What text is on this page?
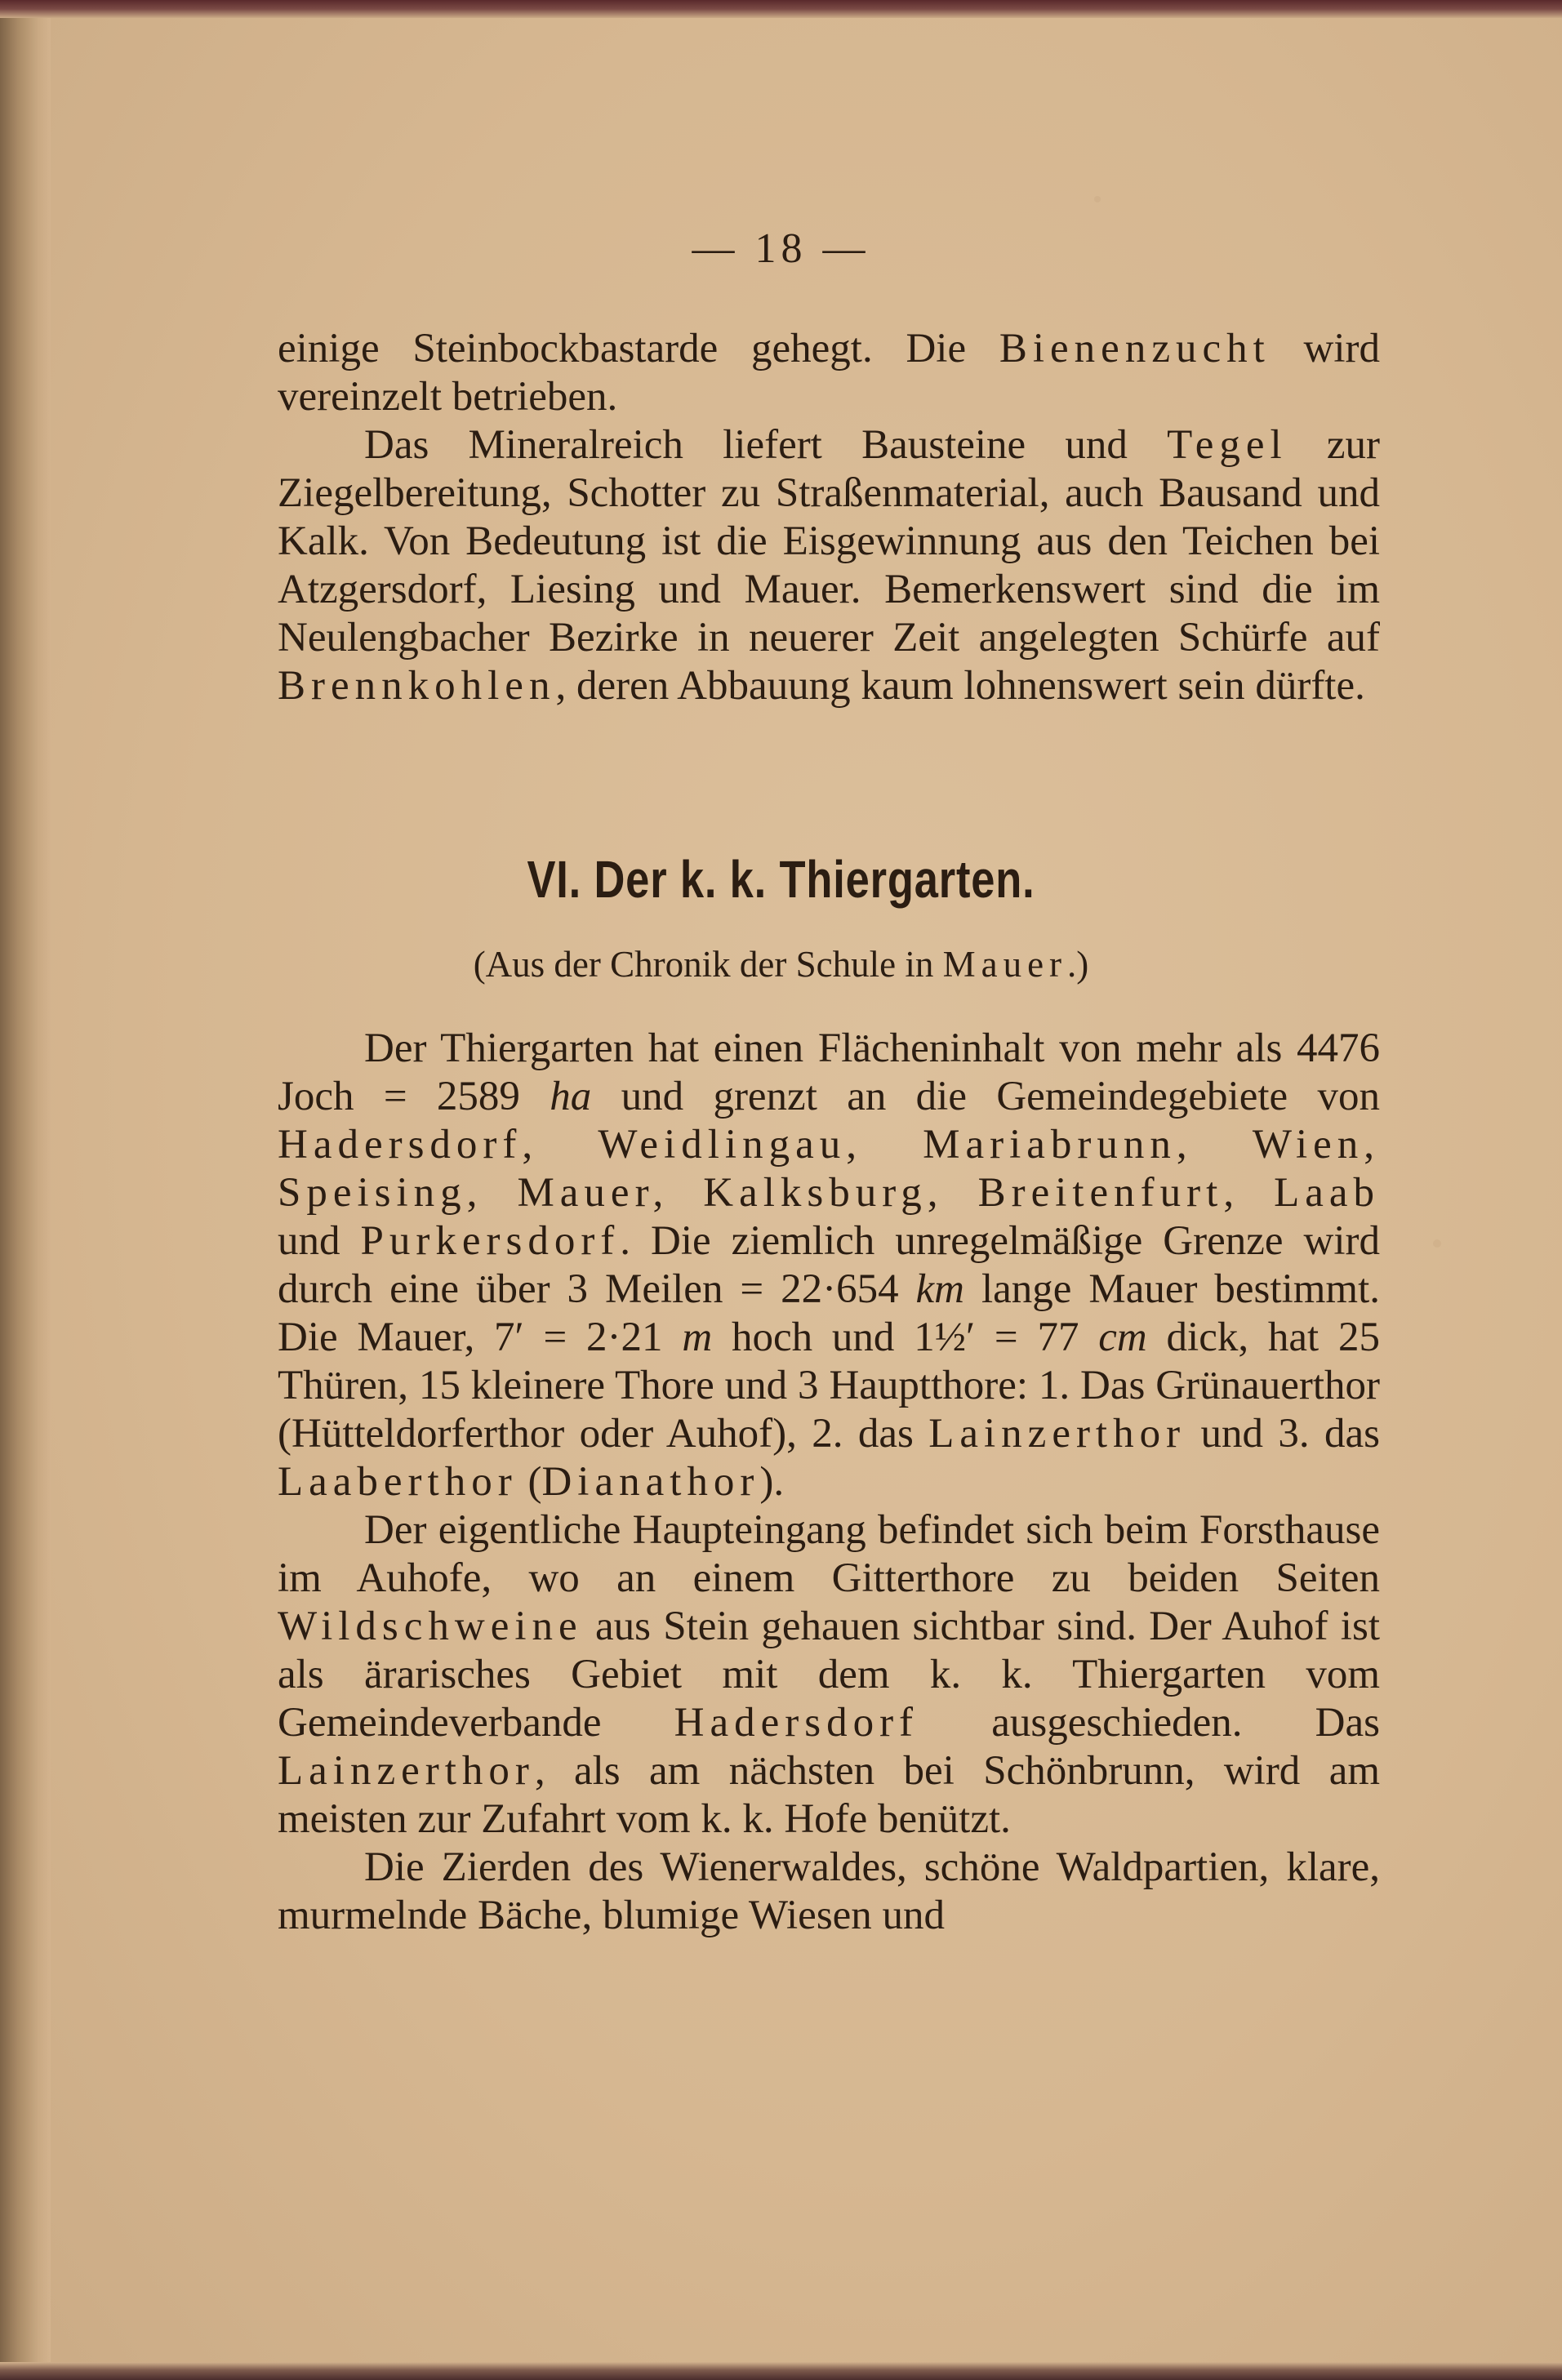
— 18 —

einige Steinbockbastarde gehegt. Die Bienenzucht wird vereinzelt betrieben.

Das Mineralreich liefert Bausteine und Tegel zur Ziegelbereitung, Schotter zu Straßenmaterial, auch Bausand und Kalk. Von Bedeutung ist die Eisgewinnung aus den Teichen bei Atzgersdorf, Liesing und Mauer. Bemerkenswert sind die im Neulengbacher Bezirke in neuerer Zeit angelegten Schürfe auf Brennkohlen, deren Abbauung kaum lohnenswert sein dürfte.

VI. Der k. k. Thiergarten.
(Aus der Chronik der Schule in Mauer.)

Der Thiergarten hat einen Flächeninhalt von mehr als 4476 Joch = 2589 ha und grenzt an die Gemeindegebiete von Hadersdorf, Weidlingau, Mariabrunn, Wien, Speising, Mauer, Kalksburg, Breitenfurt, Laab und Purkersdorf. Die ziemlich unregelmäßige Grenze wird durch eine über 3 Meilen = 22·654 km lange Mauer bestimmt. Die Mauer, 7′ = 2·21 m hoch und 1½′ = 77 cm dick, hat 25 Thüren, 15 kleinere Thore und 3 Hauptthore: 1. Das Grünauerthor (Hütteldorferthor oder Auhof), 2. das Lainzerthor und 3. das Laaberthor (Dianathor).

Der eigentliche Haupteingang befindet sich beim Forsthause im Auhofe, wo an einem Gitterthore zu beiden Seiten Wildschweine aus Stein gehauen sichtbar sind. Der Auhof ist als ärarisches Gebiet mit dem k. k. Thiergarten vom Gemeindeverbande Hadersdorf ausgeschieden. Das Lainzerthor, als am nächsten bei Schönbrunn, wird am meisten zur Zufahrt vom k. k. Hofe benützt.

Die Zierden des Wienerwaldes, schöne Waldpartien, klare, murmelnde Bäche, blumige Wiesen und
